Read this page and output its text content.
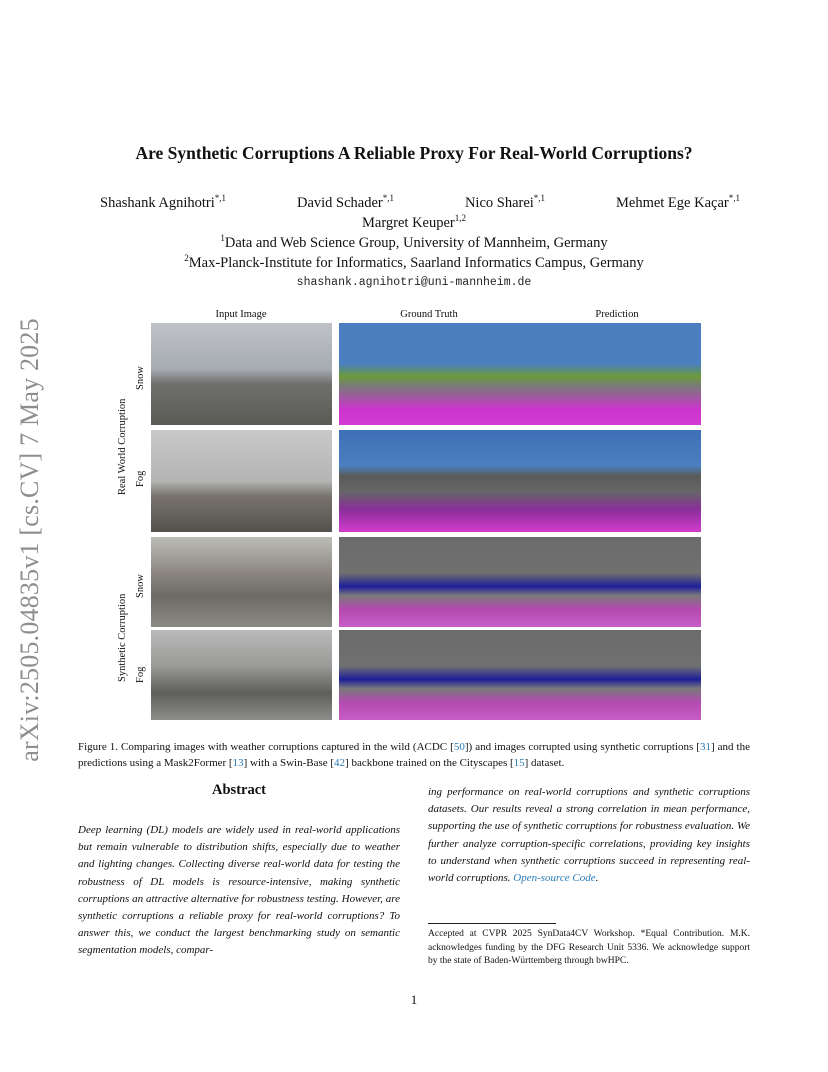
arXiv:2505.04835v1 [cs.CV] 7 May 2025
Are Synthetic Corruptions A Reliable Proxy For Real-World Corruptions?
Shashank Agnihotri$^{*,1}$	David Schader$^{*,1}$	Nico Sharei$^{*,1}$	Mehmet Ege Kaçar$^{*,1}$
Margret Keuper$^{1,2}$
$^1$Data and Web Science Group, University of Mannheim, Germany
$^2$Max-Planck-Institute for Informatics, Saarland Informatics Campus, Germany
shashank.agnihotri@uni-mannheim.de
Input Image	Ground Truth	Prediction
Real World Corruption
Synthetic Corruption
Snow
Fog
Snow
Fog
Figure 1. Comparing images with weather corruptions captured in the wild (ACDC [50]) and images corrupted using synthetic corruptions [31] and the predictions using a Mask2Former [13] with a Swin-Base [42] backbone trained on the Cityscapes [15] dataset.
Abstract
Deep learning (DL) models are widely used in real-world applications but remain vulnerable to distribution shifts, especially due to weather and lighting changes. Collecting diverse real-world data for testing the robustness of DL models is resource-intensive, making synthetic corruptions an attractive alternative for robustness testing. However, are synthetic corruptions a reliable proxy for real-world corruptions? To answer this, we conduct the largest benchmarking study on semantic segmentation models, compar-
ing performance on real-world corruptions and synthetic corruptions datasets. Our results reveal a strong correlation in mean performance, supporting the use of synthetic corruptions for robustness evaluation. We further analyze corruption-specific correlations, providing key insights to understand when synthetic corruptions succeed in representing real-world corruptions. Open-source Code.
Accepted at CVPR 2025 SynData4CV Workshop. *Equal Contribution. M.K. acknowledges funding by the DFG Research Unit 5336. We acknowledge support by the state of Baden-Württemberg through bwHPC.
1
